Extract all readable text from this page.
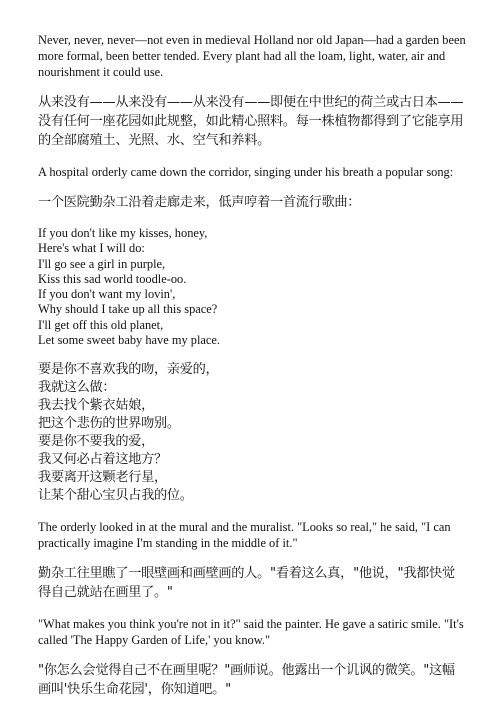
Never, never, never—not even in medieval Holland nor old Japan—had a garden been more formal, been better tended. Every plant had all the loam, light, water, air and nourishment it could use.

从来没有——从来没有——从来没有——即便在中世纪的荷兰或古日本——没有任何一座花园如此规整，如此精心照料。每一株植物都得到了它能享用的全部腐殖土、光照、水、空气和养料。

A hospital orderly came down the corridor, singing under his breath a popular song:

一个医院勤杂工沿着走廊走来，低声哼着一首流行歌曲：

If you don't like my kisses, honey,
Here's what I will do:
I'll go see a girl in purple,
Kiss this sad world toodle-oo.
If you don't want my lovin',
Why should I take up all this space?
I'll get off this old planet,
Let some sweet baby have my place.

要是你不喜欢我的吻，亲爱的，
我就这么做：
我去找个紫衣姑娘，
把这个悲伤的世界吻别。
要是你不要我的爱，
我又何必占着这地方？
我要离开这颗老行星，
让某个甜心宝贝占我的位。

The orderly looked in at the mural and the muralist. "Looks so real," he said, "I can practically imagine I'm standing in the middle of it."

勤杂工往里瞧了一眼壁画和画壁画的人。"看着这么真，"他说，"我都快觉得自己就站在画里了。"

"What makes you think you're not in it?" said the painter. He gave a satiric smile. "It's called 'The Happy Garden of Life,' you know."

"你怎么会觉得自己不在画里呢？"画师说。他露出一个讥讽的微笑。"这幅画叫'快乐生命花园'，你知道吧。"
